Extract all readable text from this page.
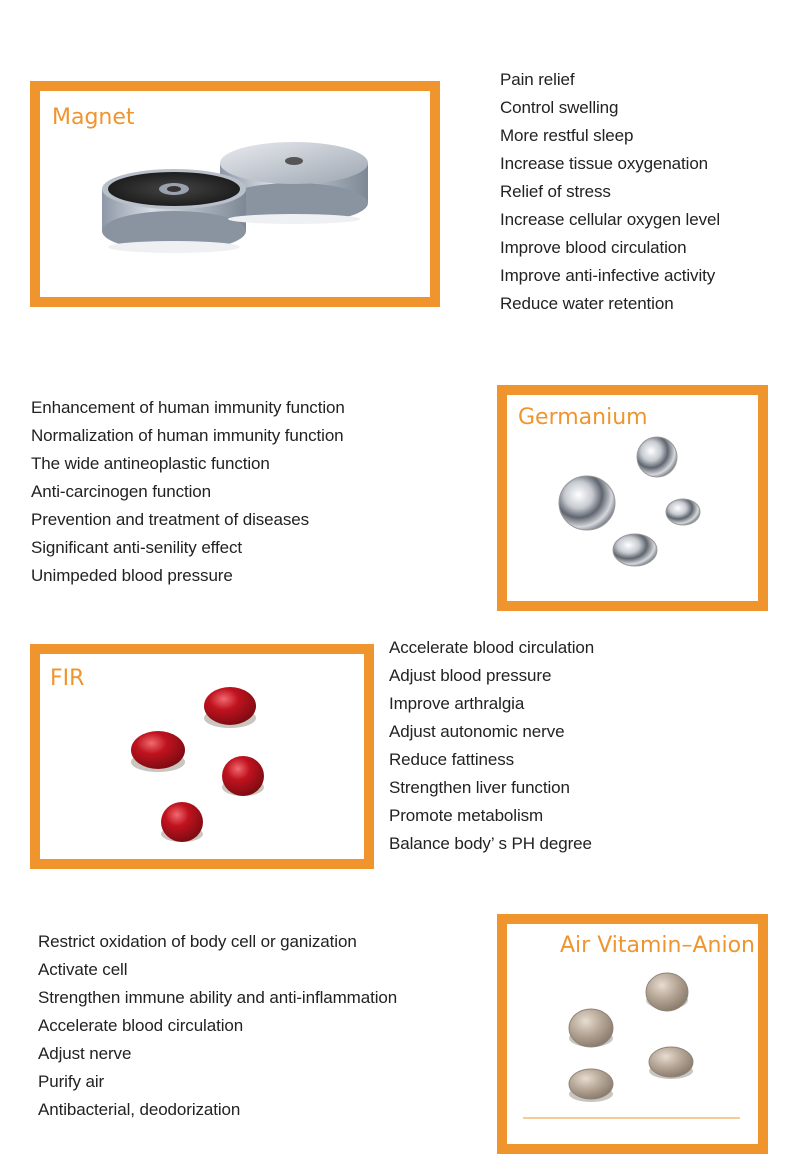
Magnet
Pain relief
Control swelling
More restful sleep
Increase tissue oxygenation
Relief of stress
Increase cellular oxygen level
Improve blood circulation
Improve anti-infective activity
Reduce water retention
Enhancement of human immunity function
Normalization of human immunity function
The wide antineoplastic function
Anti-carcinogen function
Prevention and treatment of diseases
Significant anti-senility effect
Unimpeded blood pressure
Germanium
FIR
Accelerate blood circulation
Adjust blood pressure
Improve arthralgia
Adjust autonomic nerve
Reduce fattiness
Strengthen liver function
Promote metabolism
Balance body’ s PH degree
Restrict oxidation of body cell or ganization
Activate cell
Strengthen immune ability and anti-inflammation
Accelerate blood circulation
Adjust nerve
Purify air
Antibacterial, deodorization
Air Vitamin–Anion
